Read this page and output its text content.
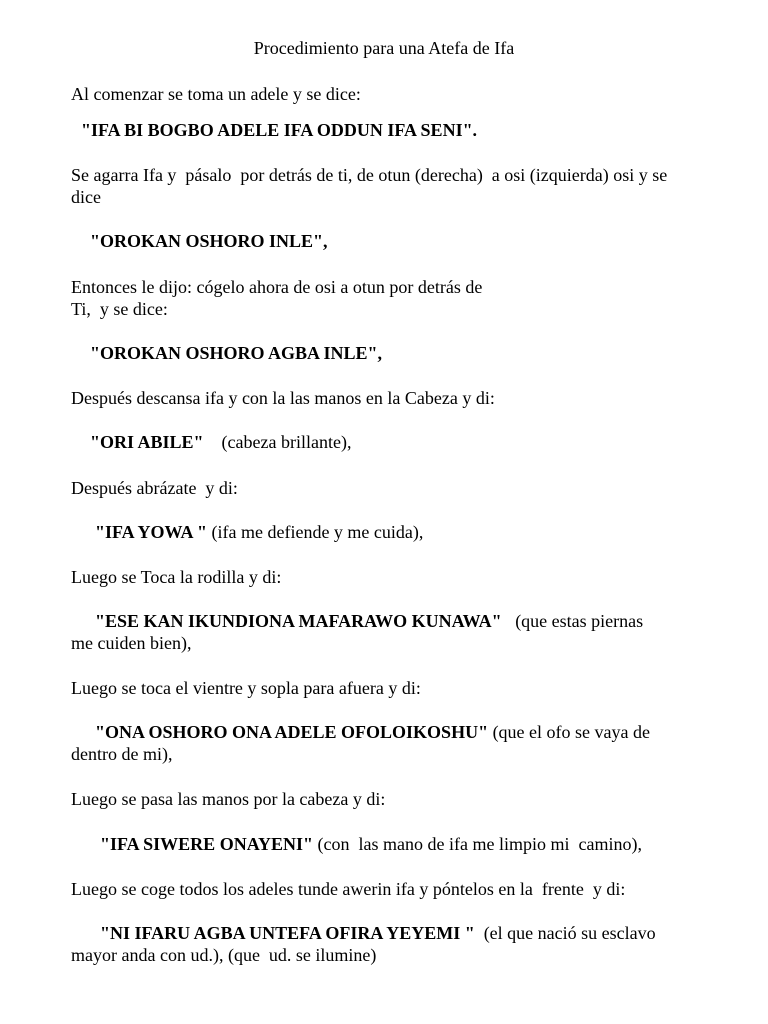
Procedimiento para una Atefa de Ifa
Al comenzar se toma un adele y se dice:
"IFA BI BOGBO ADELE IFA ODDUN IFA SENI".
Se agarra Ifa y  pásalo  por detrás de ti, de otun (derecha)  a osi (izquierda) osi y se
dice
"OROKAN OSHORO INLE",
Entonces le dijo: cógelo ahora de osi a otun por detrás de
Ti,  y se dice:
"OROKAN OSHORO AGBA INLE",
Después descansa ifa y con la las manos en la Cabeza y di:
"ORI ABILE" (cabeza brillante),
Después abrázate  y di:
"IFA YOWA " (ifa me defiende y me cuida),
Luego se Toca la rodilla y di:
"ESE KAN IKUNDIONA MAFARAWO KUNAWA" (que estas piernas
me cuiden bien),
Luego se toca el vientre y sopla para afuera y di:
"ONA OSHORO ONA ADELE OFOLOIKOSHU" (que el ofo se vaya de
dentro de mi),
Luego se pasa las manos por la cabeza y di:
"IFA SIWERE ONAYENI" (con  las mano de ifa me limpio mi  camino),
Luego se coge todos los adeles tunde awerin ifa y póntelos en la  frente  y di:
"NI IFARU AGBA UNTEFA OFIRA YEYEMI " (el que nació su esclavo
mayor anda con ud.), (que  ud. se ilumine)
